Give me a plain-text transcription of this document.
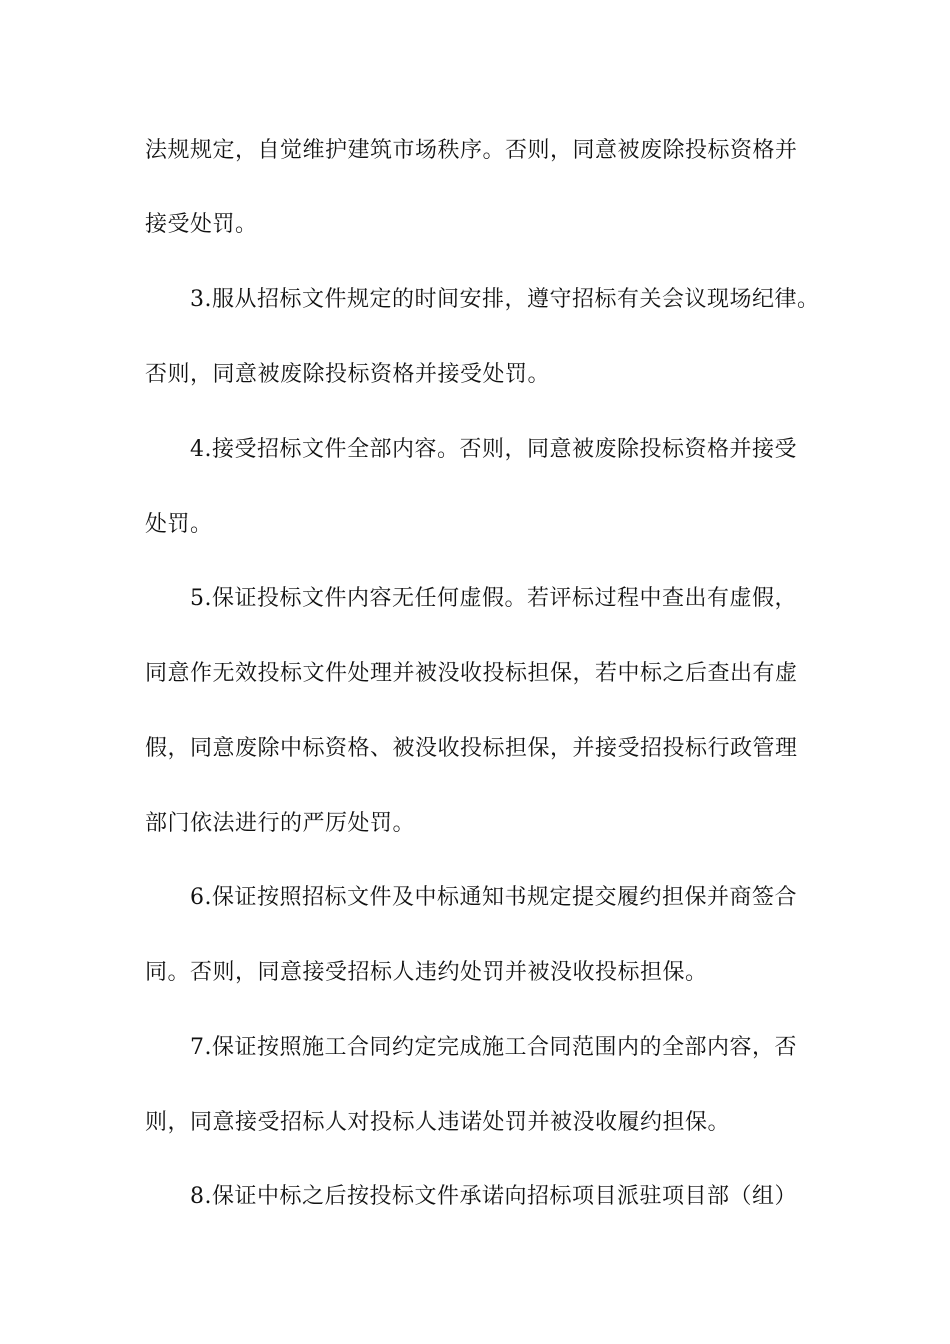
法规规定，自觉维护建筑市场秩序。否则，同意被废除投标资格并
接受处罚。
3.服从招标文件规定的时间安排，遵守招标有关会议现场纪律。
否则，同意被废除投标资格并接受处罚。
4.接受招标文件全部内容。否则，同意被废除投标资格并接受
处罚。
5.保证投标文件内容无任何虚假。若评标过程中查出有虚假，
同意作无效投标文件处理并被没收投标担保，若中标之后查出有虚
假，同意废除中标资格、被没收投标担保，并接受招投标行政管理
部门依法进行的严厉处罚。
6.保证按照招标文件及中标通知书规定提交履约担保并商签合
同。否则，同意接受招标人违约处罚并被没收投标担保。
7.保证按照施工合同约定完成施工合同范围内的全部内容，否
则，同意接受招标人对投标人违诺处罚并被没收履约担保。
8.保证中标之后按投标文件承诺向招标项目派驻项目部（组）
